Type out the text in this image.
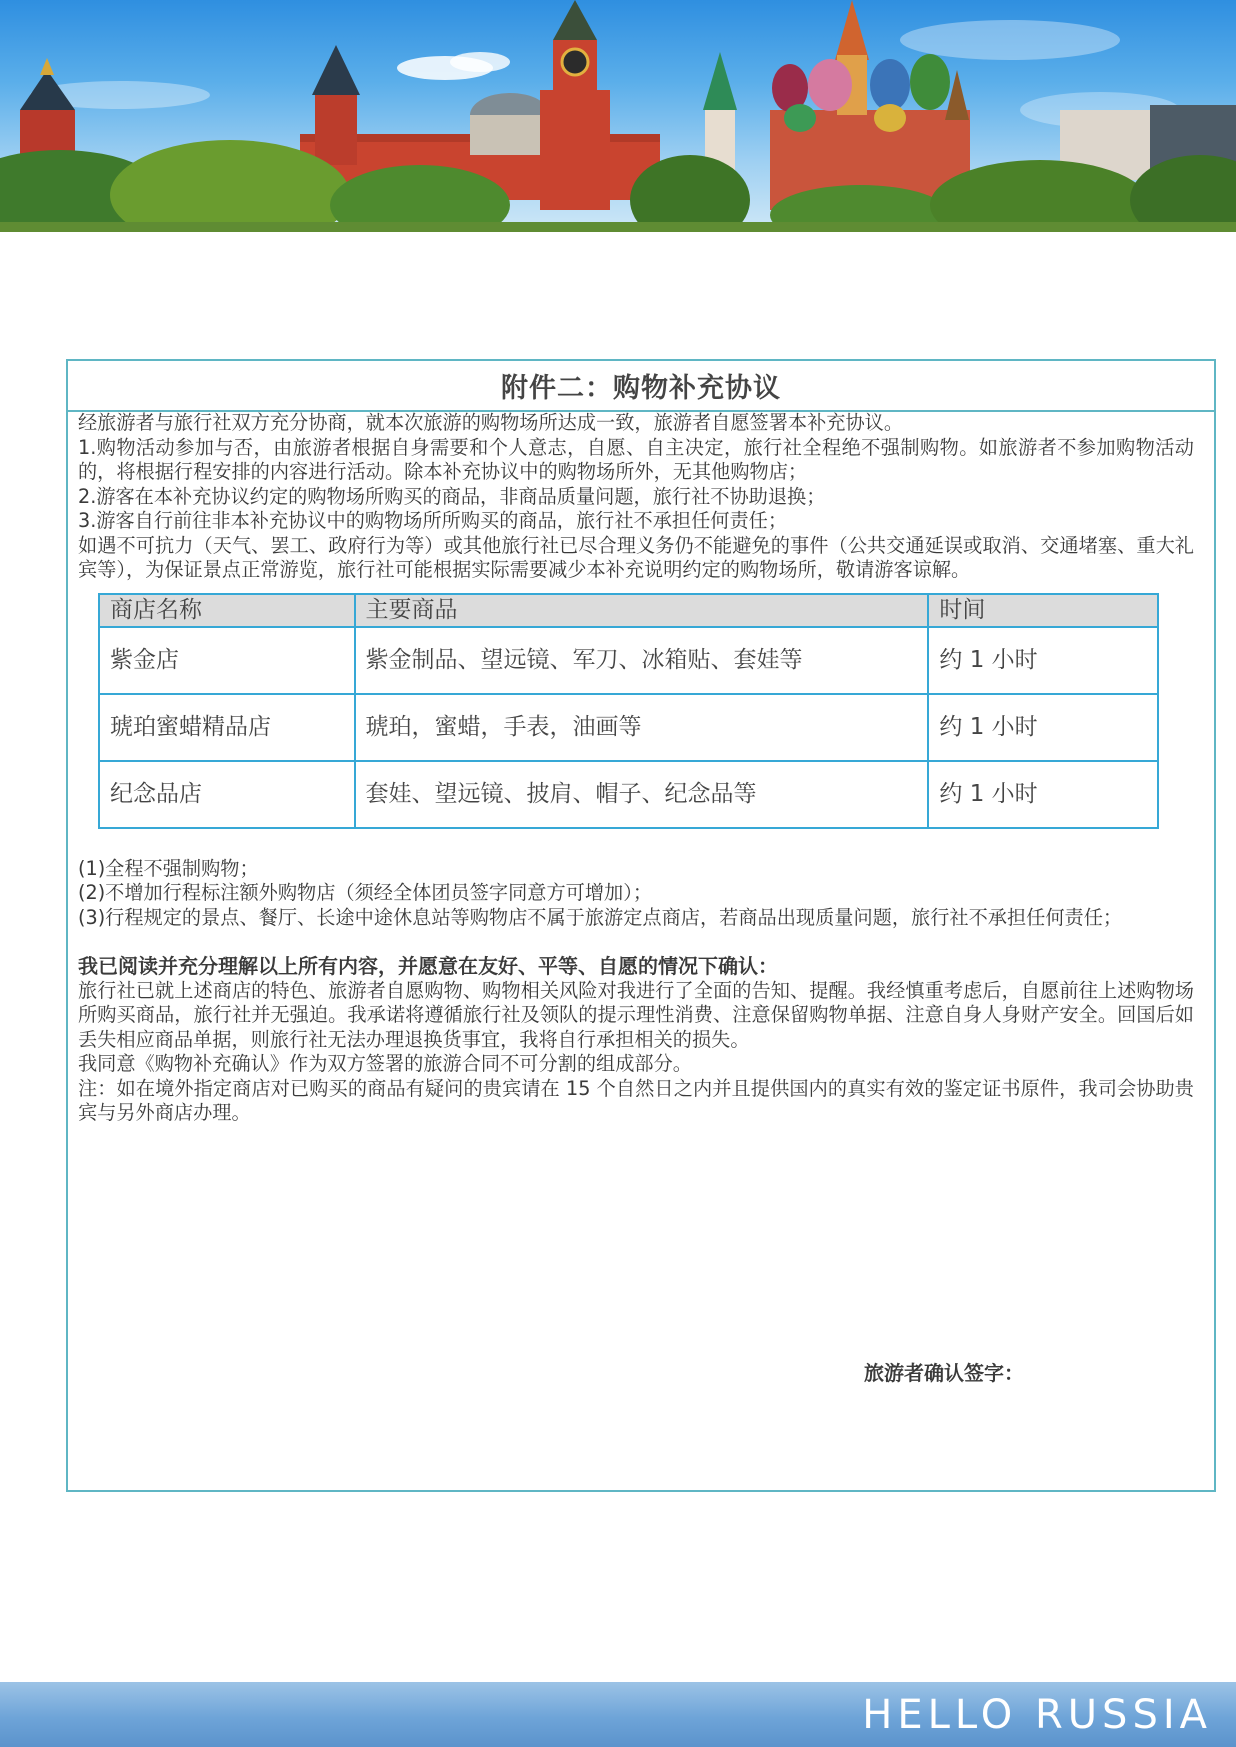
附件二：购物补充协议

经旅游者与旅行社双方充分协商，就本次旅游的购物场所达成一致，旅游者自愿签署本补充协议。

1.购物活动参加与否，由旅游者根据自身需要和个人意志，自愿、自主决定，旅行社全程绝不强制购物。如旅游者不参加购物活动的，将根据行程安排的内容进行活动。除本补充协议中的购物场所外，无其他购物店；

2.游客在本补充协议约定的购物场所购买的商品，非商品质量问题，旅行社不协助退换；

3.游客自行前往非本补充协议中的购物场所所购买的商品，旅行社不承担任何责任；

如遇不可抗力（天气、罢工、政府行为等）或其他旅行社已尽合理义务仍不能避免的事件（公共交通延误或取消、交通堵塞、重大礼宾等），为保证景点正常游览，旅行社可能根据实际需要减少本补充说明约定的购物场所，敬请游客谅解。

商店名称	主要商品	时间
紫金店	紫金制品、望远镜、军刀、冰箱贴、套娃等	约 1 小时
琥珀蜜蜡精品店	琥珀，蜜蜡，手表，油画等	约 1 小时
纪念品店	套娃、望远镜、披肩、帽子、纪念品等	约 1 小时

(1)全程不强制购物；

(2)不增加行程标注额外购物店（须经全体团员签字同意方可增加）；

(3)行程规定的景点、餐厅、长途中途休息站等购物店不属于旅游定点商店，若商品出现质量问题，旅行社不承担任何责任；

我已阅读并充分理解以上所有内容，并愿意在友好、平等、自愿的情况下确认：

旅行社已就上述商店的特色、旅游者自愿购物、购物相关风险对我进行了全面的告知、提醒。我经慎重考虑后，自愿前往上述购物场所购买商品，旅行社并无强迫。我承诺将遵循旅行社及领队的提示理性消费、注意保留购物单据、注意自身人身财产安全。回国后如丢失相应商品单据，则旅行社无法办理退换货事宜，我将自行承担相关的损失。

我同意《购物补充确认》作为双方签署的旅游合同不可分割的组成部分。

注：如在境外指定商店对已购买的商品有疑问的贵宾请在 15 个自然日之内并且提供国内的真实有效的鉴定证书原件，我司会协助贵宾与另外商店办理。

旅游者确认签字：
HELLO RUSSIA
